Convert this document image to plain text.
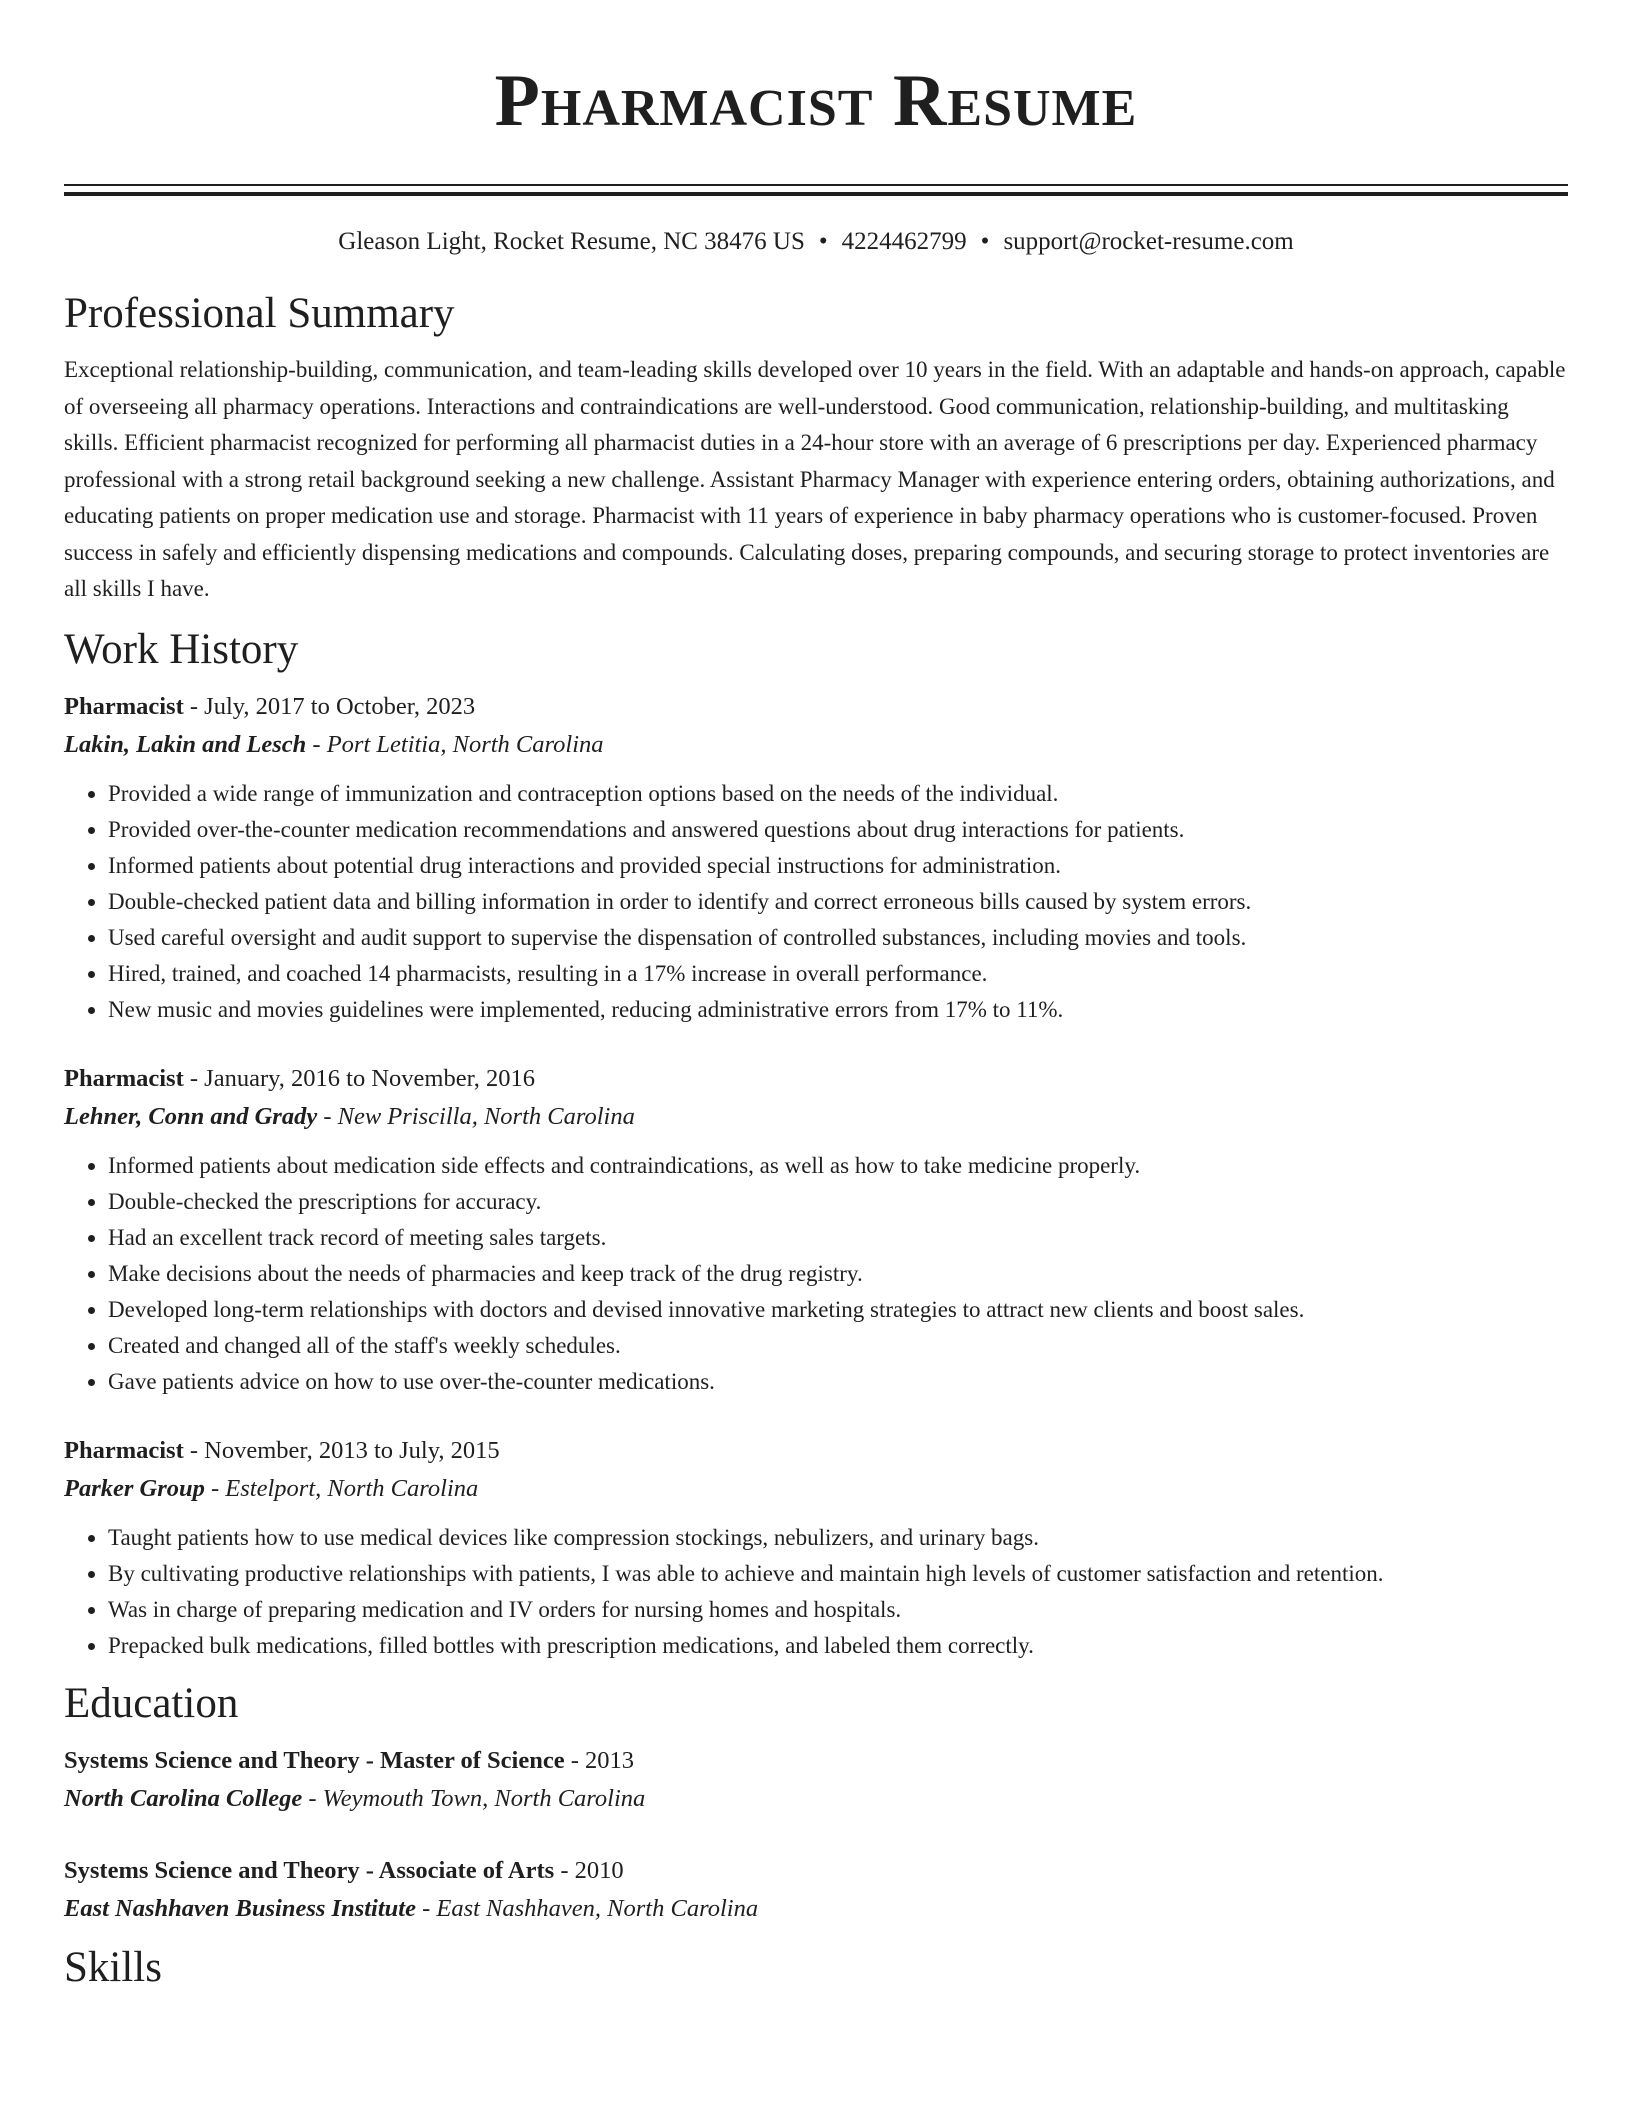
Pharmacist Resume
Gleason Light, Rocket Resume, NC 38476 US • 4224462799 • support@rocket-resume.com
Professional Summary

Exceptional relationship-building, communication, and team-leading skills developed over 10 years in the field. With an adaptable and hands-on approach, capable of overseeing all pharmacy operations. Interactions and contraindications are well-understood. Good communication, relationship-building, and multitasking skills. Efficient pharmacist recognized for performing all pharmacist duties in a 24-hour store with an average of 6 prescriptions per day. Experienced pharmacy professional with a strong retail background seeking a new challenge. Assistant Pharmacy Manager with experience entering orders, obtaining authorizations, and educating patients on proper medication use and storage. Pharmacist with 11 years of experience in baby pharmacy operations who is customer-focused. Proven success in safely and efficiently dispensing medications and compounds. Calculating doses, preparing compounds, and securing storage to protect inventories are all skills I have.

Work History
Pharmacist - July, 2017 to October, 2023
Lakin, Lakin and Lesch - Port Letitia, North Carolina
• Provided a wide range of immunization and contraception options based on the needs of the individual.
• Provided over-the-counter medication recommendations and answered questions about drug interactions for patients.
• Informed patients about potential drug interactions and provided special instructions for administration.
• Double-checked patient data and billing information in order to identify and correct erroneous bills caused by system errors.
• Used careful oversight and audit support to supervise the dispensation of controlled substances, including movies and tools.
• Hired, trained, and coached 14 pharmacists, resulting in a 17% increase in overall performance.
• New music and movies guidelines were implemented, reducing administrative errors from 17% to 11%.
Pharmacist - January, 2016 to November, 2016
Lehner, Conn and Grady - New Priscilla, North Carolina
• Informed patients about medication side effects and contraindications, as well as how to take medicine properly.
• Double-checked the prescriptions for accuracy.
• Had an excellent track record of meeting sales targets.
• Make decisions about the needs of pharmacies and keep track of the drug registry.
• Developed long-term relationships with doctors and devised innovative marketing strategies to attract new clients and boost sales.
• Created and changed all of the staff's weekly schedules.
• Gave patients advice on how to use over-the-counter medications.
Pharmacist - November, 2013 to July, 2015
Parker Group - Estelport, North Carolina
• Taught patients how to use medical devices like compression stockings, nebulizers, and urinary bags.
• By cultivating productive relationships with patients, I was able to achieve and maintain high levels of customer satisfaction and retention.
• Was in charge of preparing medication and IV orders for nursing homes and hospitals.
• Prepacked bulk medications, filled bottles with prescription medications, and labeled them correctly.
Education
Systems Science and Theory - Master of Science - 2013
North Carolina College - Weymouth Town, North Carolina
Systems Science and Theory - Associate of Arts - 2010
East Nashhaven Business Institute - East Nashhaven, North Carolina
Skills
